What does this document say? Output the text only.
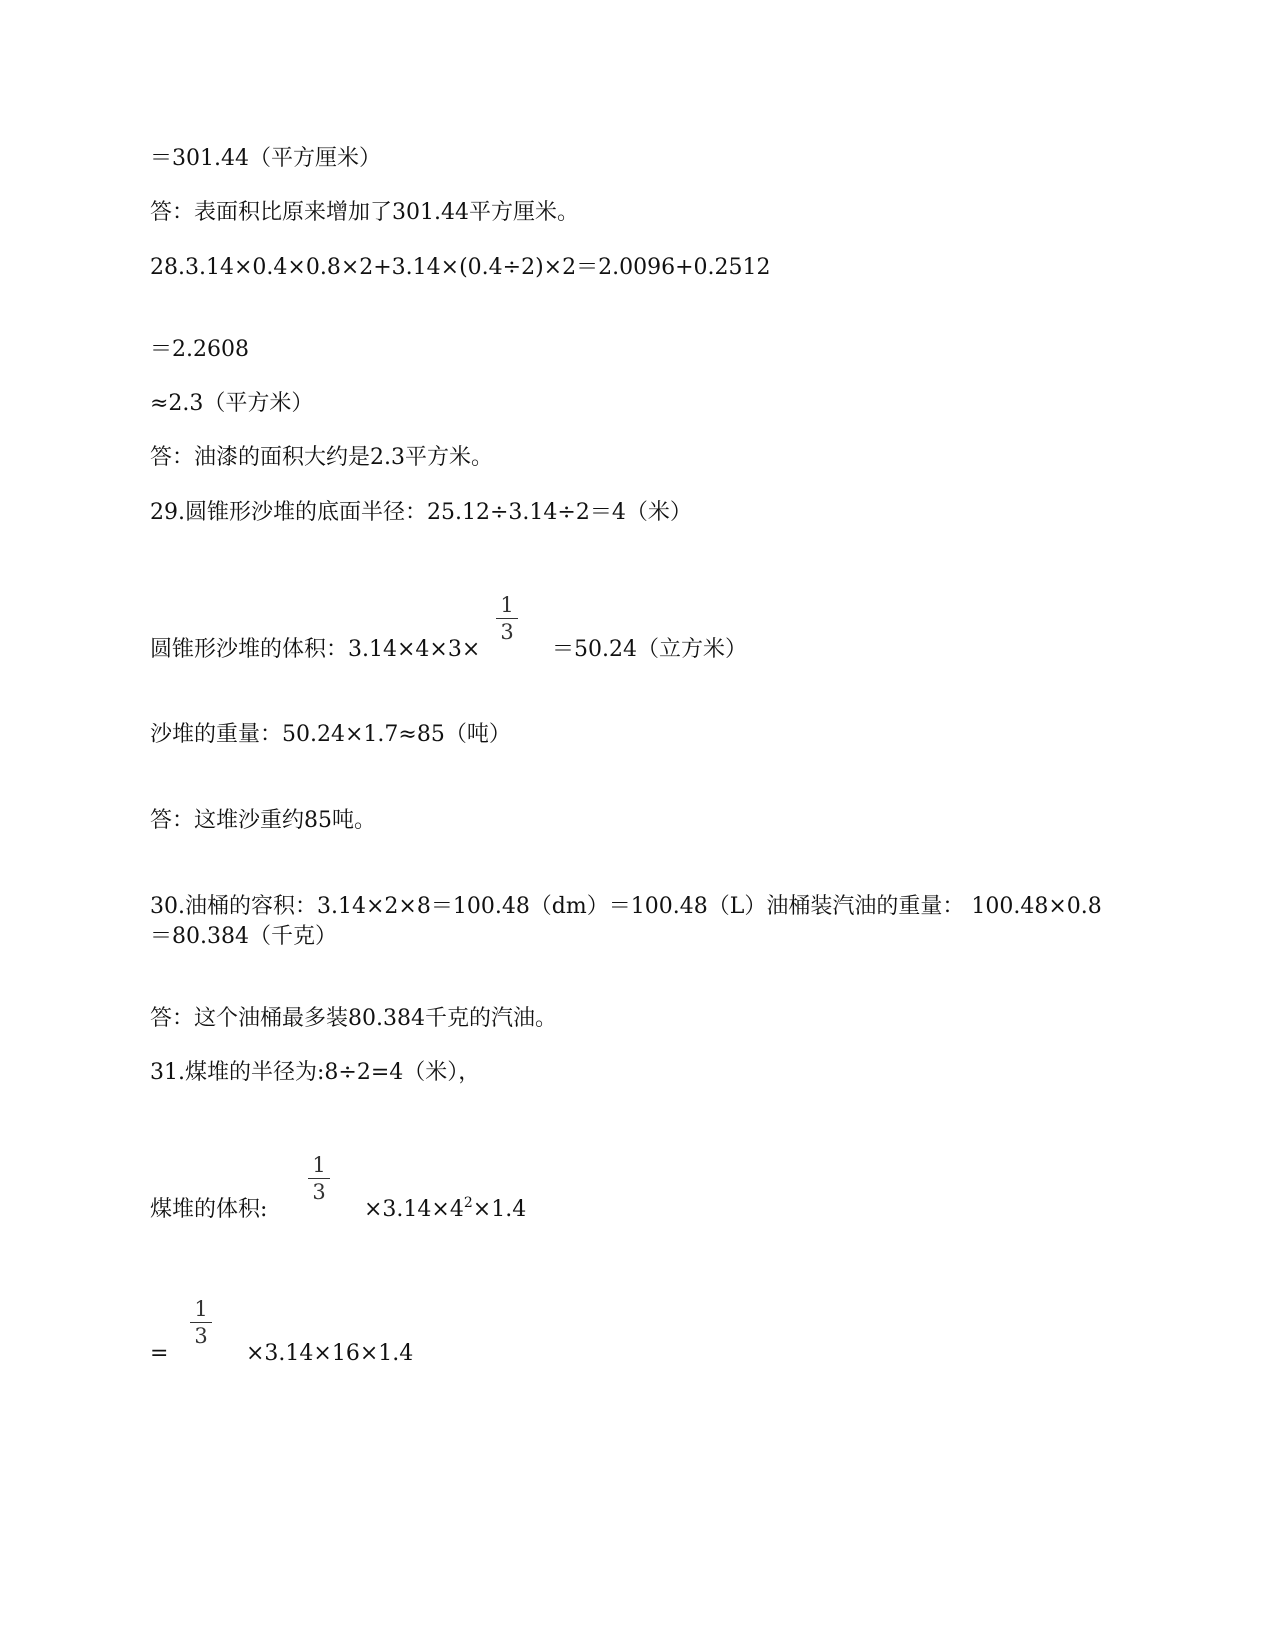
＝301.44（平方厘米）
答：表面积比原来增加了301.44平方厘米。
28.3.14×0.4×0.8×2+3.14×(0.4÷2)×2＝2.0096+0.2512
＝2.2608
≈2.3（平方米）
答：油漆的面积大约是2.3平方米。
29.圆锥形沙堆的底面半径：25.12÷3.14÷2＝4（米）
圆锥形沙堆的体积：3.14×4×3×
1
3
＝50.24（立方米）
沙堆的重量：50.24×1.7≈85（吨）
答：这堆沙重约85吨。
30.油桶的容积：3.14×2×8＝100.48（dm）＝100.48（L）油桶装汽油的重量： 100.48×0.8
＝80.384（千克）
答：这个油桶最多装80.384千克的汽油。
31.煤堆的半径为:8÷2=4（米），
煤堆的体积:
1
3
$\times 3.14\times 4^2\times 1.4$
=
1
3
×3.14×16×1.4
